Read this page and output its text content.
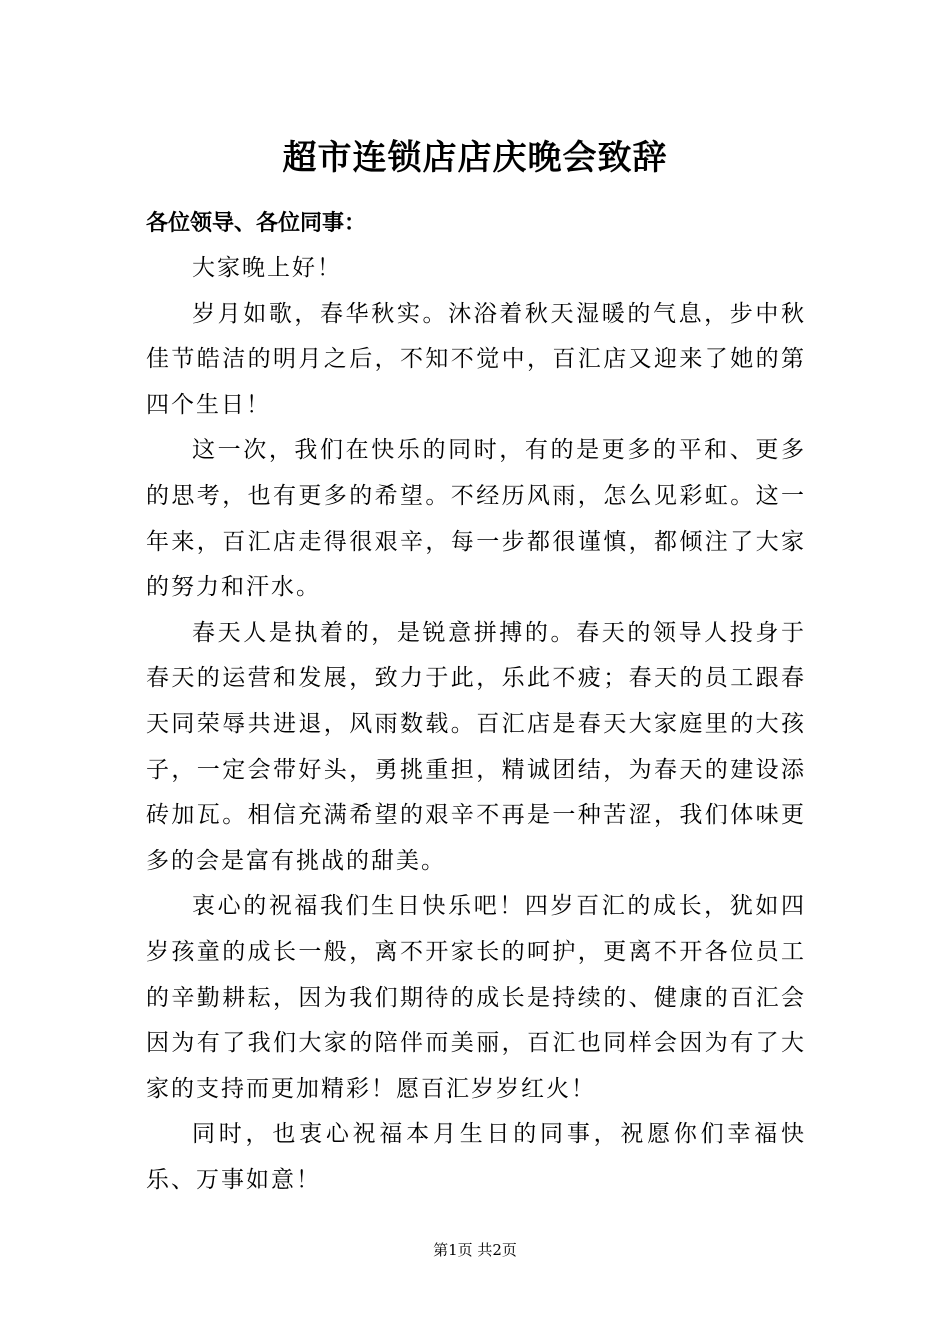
超市连锁店店庆晚会致辞

各位领导、各位同事：

大家晚上好！

岁月如歌，春华秋实。沐浴着秋天湿暖的气息，步中秋佳节皓洁的明月之后，不知不觉中，百汇店又迎来了她的第四个生日！

这一次，我们在快乐的同时，有的是更多的平和、更多的思考，也有更多的希望。不经历风雨，怎么见彩虹。这一年来，百汇店走得很艰辛，每一步都很谨慎，都倾注了大家的努力和汗水。

春天人是执着的，是锐意拼搏的。春天的领导人投身于春天的运营和发展，致力于此，乐此不疲；春天的员工跟春天同荣辱共进退，风雨数载。百汇店是春天大家庭里的大孩子，一定会带好头，勇挑重担，精诚团结，为春天的建设添砖加瓦。相信充满希望的艰辛不再是一种苦涩，我们体味更多的会是富有挑战的甜美。

衷心的祝福我们生日快乐吧！四岁百汇的成长，犹如四岁孩童的成长一般，离不开家长的呵护，更离不开各位员工的辛勤耕耘，因为我们期待的成长是持续的、健康的百汇会因为有了我们大家的陪伴而美丽，百汇也同样会因为有了大家的支持而更加精彩！愿百汇岁岁红火！

同时，也衷心祝福本月生日的同事，祝愿你们幸福快乐、万事如意！

第1页 共2页
